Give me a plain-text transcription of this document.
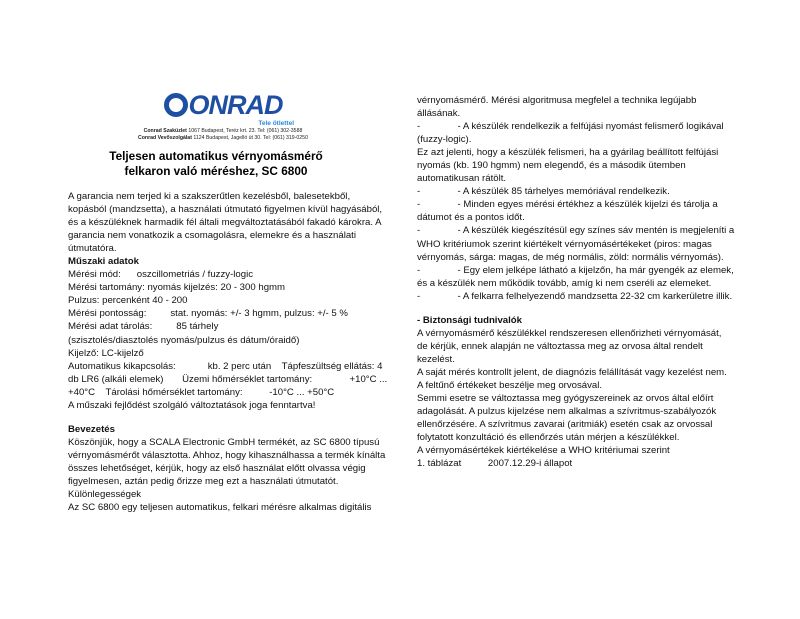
ONRAD
Tele ötlettel
Conrad Szaküzlet 1067 Budapest, Teréz krt. 23. Tel: (061) 302-3588
Conrad Vevőszolgálat 1124 Budapest, Jagelló út 30. Tel: (061) 319-0250
Teljesen automatikus vérnyomásmérő
felkaron való méréshez, SC 6800

A garancia nem terjed ki a szakszerűtlen kezelésből, balesetekből,

kopásból (mandzsetta), a használati útmutató figyelmen kívül hagyásából,

és a készüléknek harmadik fél általi megváltoztatásából fakadó károkra. A

garancia nem vonatkozik a csomagolásra, elemekre és a használati

útmutatóra.

Műszaki adatok

Mérési mód:      oszcillometriás / fuzzy-logic

Mérési tartomány: nyomás kijelzés: 20 - 300 hgmm

Pulzus: percenként 40 - 200

Mérési pontosság:         stat. nyomás: +/- 3 hgmm, pulzus: +/- 5 %

Mérési adat tárolás:         85 tárhely

(szisztolés/diasztolés nyomás/pulzus és dátum/óraidő)

Kijelző: LC-kijelző

Automatikus kikapcsolás:            kb. 2 perc után    Tápfeszültség ellátás: 4

db LR6 (alkáli elemek)       Üzemi hőmérséklet tartomány:              +10°C ...

+40°C    Tárolási hőmérséklet tartomány:          -10°C ... +50°C

A műszaki fejlődést szolgáló változtatások joga fenntartva!

Bevezetés

Köszönjük, hogy a SCALA Electronic GmbH termékét, az SC 6800 típusú

vérnyomásmérőt választotta. Ahhoz, hogy kihasználhassa a termék kínálta

összes lehetőséget, kérjük, hogy az első használat előtt olvassa végig

figyelmesen, aztán pedig őrizze meg ezt a használati útmutatót.

Különlegességek

Az SC 6800 egy teljesen automatikus, felkari mérésre alkalmas digitális

vérnyomásmérő. Mérési algoritmusa megfelel a technika legújabb

állásának.

-              - A készülék rendelkezik a felfújási nyomást felismerő logikával

(fuzzy-logic).

Ez azt jelenti, hogy a készülék felismeri, ha a gyárilag beállított felfújási

nyomás (kb. 190 hgmm) nem elegendő, és a második ütemben

automatikusan rátölt.

-              - A készülék 85 tárhelyes memóriával rendelkezik.

-              - Minden egyes mérési értékhez a készülék kijelzi és tárolja a

dátumot és a pontos időt.

-              - A készülék kiegészítésül egy színes sáv mentén is megjeleníti a

WHO kritériumok szerint kiértékelt vérnyomásértékeket (piros: magas

vérnyomás, sárga: magas, de még normális, zöld: normális vérnyomás).

-              - Egy elem jelképe látható a kijelzőn, ha már gyengék az elemek,

és a készülék nem működik tovább, amíg ki nem cseréli az elemeket.

-              - A felkarra felhelyezendő mandzsetta 22-32 cm karkerületre illik.

- Biztonsági tudnivalók

A vérnyomásmérő készülékkel rendszeresen ellenőrizheti vérnyomását,

de kérjük, ennek alapján ne változtassa meg az orvosa által rendelt

kezelést.

A saját mérés kontrollt jelent, de diagnózis felállítását vagy kezelést nem.

A feltűnő értékeket beszélje meg orvosával.

Semmi esetre se változtassa meg gyógyszereinek az orvos által előírt

adagolását. A pulzus kijelzése nem alkalmas a szívritmus-szabályozók

ellenőrzésére. A szívritmus zavarai (aritmiák) esetén csak az orvossal

folytatott konzultáció és ellenőrzés után mérjen a készülékkel.

A vérnyomásértékek kiértékelése a WHO kritériumai szerint

1. táblázat          2007.12.29-i állapot
